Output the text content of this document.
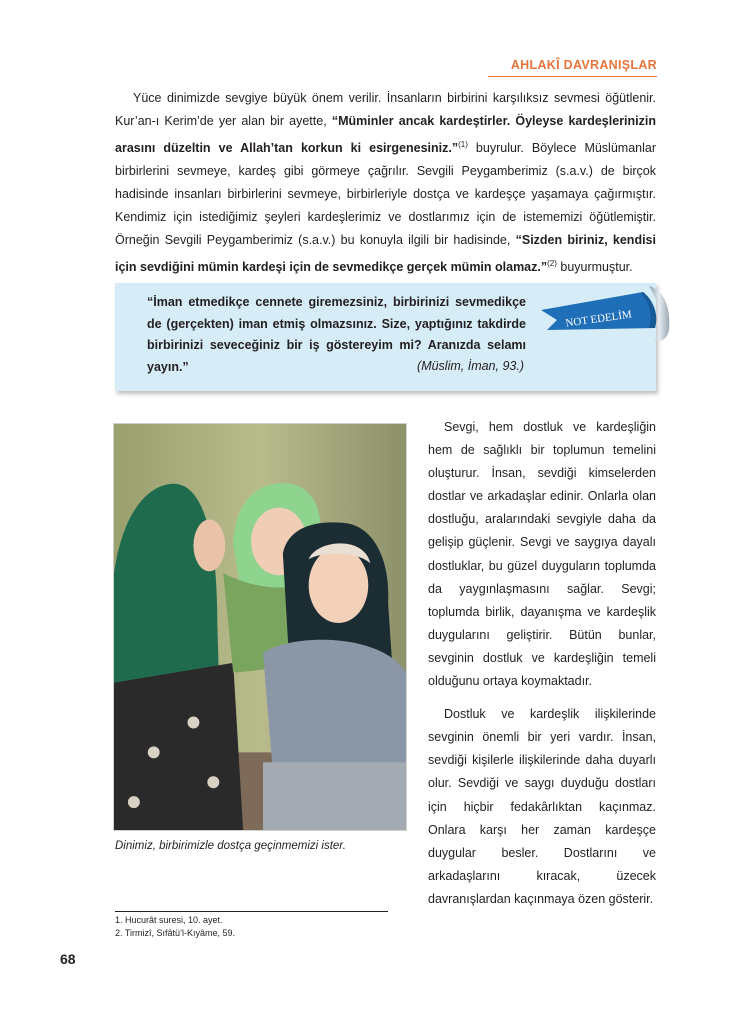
AHLAKÎ DAVRANIŞLAR

Yüce dinimizde sevgiye büyük önem verilir. İnsanların birbirini karşılıksız sevmesi öğütlenir. Kur’an-ı Kerim’de yer alan bir ayette, “Müminler ancak kardeştirler. Öyleyse kardeşlerinizin arasını düzeltin ve Allah’tan korkun ki esirgenesiniz.”$^{(1)}$ buyrulur. Böylece Müslümanlar birbirlerini sevmeye, kardeş gibi görmeye çağrılır. Sevgili Peygamberimiz (s.a.v.) de birçok hadisinde insanları birbirlerini sevmeye, birbirleriyle dostça ve kardeşçe yaşamaya çağırmıştır. Kendimiz için istediğimiz şeyleri kardeşlerimiz ve dostlarımız için de istememizi öğütlemiştir. Örneğin Sevgili Peygamberimiz (s.a.v.) bu konuyla ilgili bir hadisinde, “Sizden biriniz, kendisi için sevdiğini mümin kardeşi için de sevmedikçe gerçek mümin olamaz.”$^{(2)}$ buyurmuştur.

“İman etmedikçe cennete giremezsiniz, birbirinizi sevmedikçe de (gerçekten) iman etmiş olmazsınız. Size, yaptığınız takdirde birbirinizi seveceğiniz bir iş göstereyim mi? Aranızda selamı yayın.”	(Müslim, İman, 93.)
NOT EDELİM
Dinimiz, birbirimizle dostça geçinmemizi ister.

Sevgi, hem dostluk ve kardeşliğin hem de sağlıklı bir toplumun temelini oluşturur. İnsan, sevdiği kimselerden dostlar ve arkadaşlar edinir. Onlarla olan dostluğu, aralarındaki sevgiyle daha da gelişip güçlenir. Sevgi ve saygıya dayalı dostluklar, bu güzel duyguların toplumda da yaygınlaşmasını sağlar. Sevgi; toplumda birlik, dayanışma ve kardeşlik duygularını geliştirir. Bütün bunlar, sevginin dostluk ve kardeşliğin temeli olduğunu ortaya koymaktadır.

Dostluk ve kardeşlik ilişkilerinde sevginin önemli bir yeri vardır. İnsan, sevdiği kişilerle ilişkilerinde daha duyarlı olur. Sevdiği ve saygı duyduğu dostları için hiçbir fedakârlıktan kaçınmaz. Onlara karşı her zaman kardeşçe duygular besler. Dostlarını ve arkadaşlarını kıracak, üzecek davranışlardan kaçınmaya özen gösterir.

1. Hucurât suresi, 10. ayet.
2. Tirmizî, Sıfâtü’l-Kıyâme, 59.
68
